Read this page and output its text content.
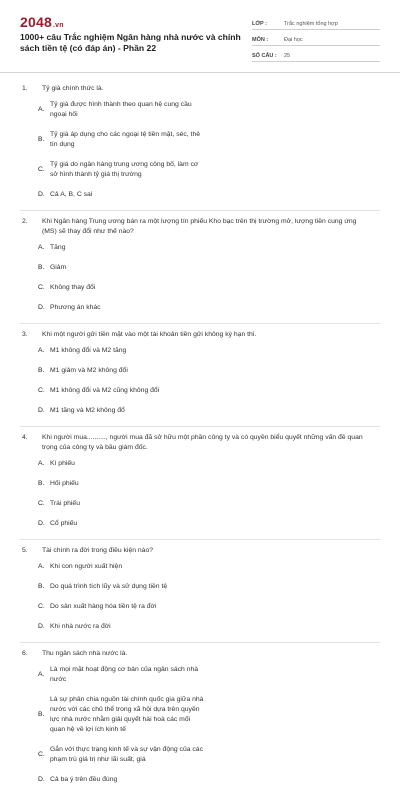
2048.vn
1000+ câu Trắc nghiệm Ngân hàng nhà nước và chính sách tiền tệ (có đáp án) - Phần 22
LỚP :	Trắc nghiệm tổng hợp
MÔN :	Đại học
SỐ CÂU :	25
1.	Tỷ giá chính thức là.
A.
Tỷ giá được hình thành theo quan hệ cung cầu ngoại hối
B.
Tỷ giá áp dụng cho các ngoại tệ tiền mặt, séc, thẻ tín dụng
C.
Tỷ giá do ngân hàng trung ương công bố, làm cơ sở hình thành tỷ giá thị trường
D. Cả A, B, C sai
2.	Khi Ngân hàng Trung ương bán ra một lượng tín phiếu Kho bạc trên thị trường mở, lượng tiền cung ứng (MS) sẽ thay đổi như thế nào?
A. Tăng
B. Giảm
C. Không thay đổi
D. Phương án khác
3.	Khi một người gửi tiền mặt vào một tài khoản tiền gửi không kỳ hạn thì.
A. M1 không đổi và M2 tăng
B. M1 giảm và M2 không đổi
C. M1 không đổi và M2 cũng không đổi
D. M1 tăng và M2 không đổ
4.	Khi người mua.........., người mua đã sở hữu một phần công ty và có quyền biểu quyết những vấn đề quan trọng của công ty và bầu giám đốc.
A. Kì phiếu
B. Hối phiếu
C. Trái phiếu
D. Cổ phiếu
5.	Tài chính ra đời trong điều kiện nào?
A. Khi con người xuất hiện
B. Do quá trình tích lũy và sử dụng tiền tệ
C. Do sản xuất hàng hóa tiền tệ ra đời
D. Khi nhà nước ra đời
6.	Thu ngân sách nhà nước là.
A.
Là mọi mặt hoạt động cơ bản của ngân sách nhà nước
B.
Là sự phân chia nguồn tài chính quốc gia giữa nhà nước với các chủ thể trong xã hội dựa trên quyền lực nhà nước nhằm giải quyết hài hoà các mối quan hệ về lợi ích kinh tế
C.
Gắn với thực trạng kinh tế và sự vận động của các phạm trù giá trị như lãi suất, giá
D. Cả ba ý trên đều đúng
